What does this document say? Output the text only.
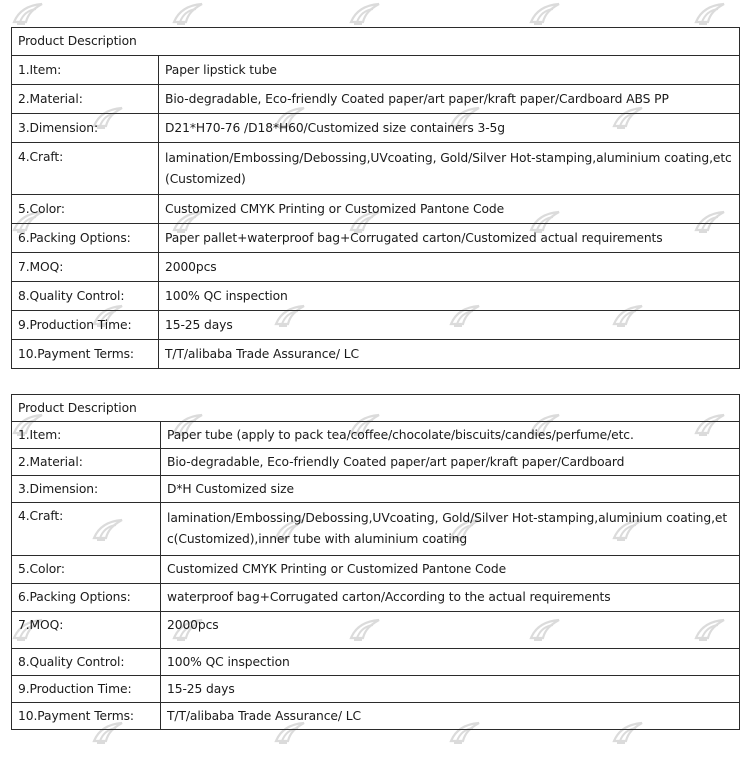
Product Description	
1.Item:	Paper lipstick tube
2.Material:	Bio-degradable, Eco-friendly Coated paper/art paper/kraft paper/Cardboard ABS PP
3.Dimension:	D21*H70-76 /D18*H60/Customized size containers 3-5g
4.Craft:	lamination/Embossing/Debossing,UVcoating, Gold/Silver Hot-stamping,aluminium coating,etc(Customized)
5.Color:	Customized CMYK Printing or Customized Pantone Code
6.Packing Options:	Paper pallet+waterproof bag+Corrugated carton/Customized actual requirements
7.MOQ:	2000pcs
8.Quality Control:	100% QC inspection
9.Production Time:	15-25 days
10.Payment Terms:	T/T/alibaba Trade Assurance/ LC
Product Description	
1.Item:	Paper tube (apply to pack tea/coffee/chocolate/biscuits/candies/perfume/etc.
2.Material:	Bio-degradable, Eco-friendly Coated paper/art paper/kraft paper/Cardboard
3.Dimension:	D*H Customized size
4.Craft:	lamination/Embossing/Debossing,UVcoating, Gold/Silver Hot-stamping,aluminium coating,etc(Customized),inner tube with aluminium coating
5.Color:	Customized CMYK Printing or Customized Pantone Code
6.Packing Options:	waterproof bag+Corrugated carton/According to the actual requirements
7.MOQ:	2000pcs
8.Quality Control:	100% QC inspection
9.Production Time:	15-25 days
10.Payment Terms:	T/T/alibaba Trade Assurance/ LC
